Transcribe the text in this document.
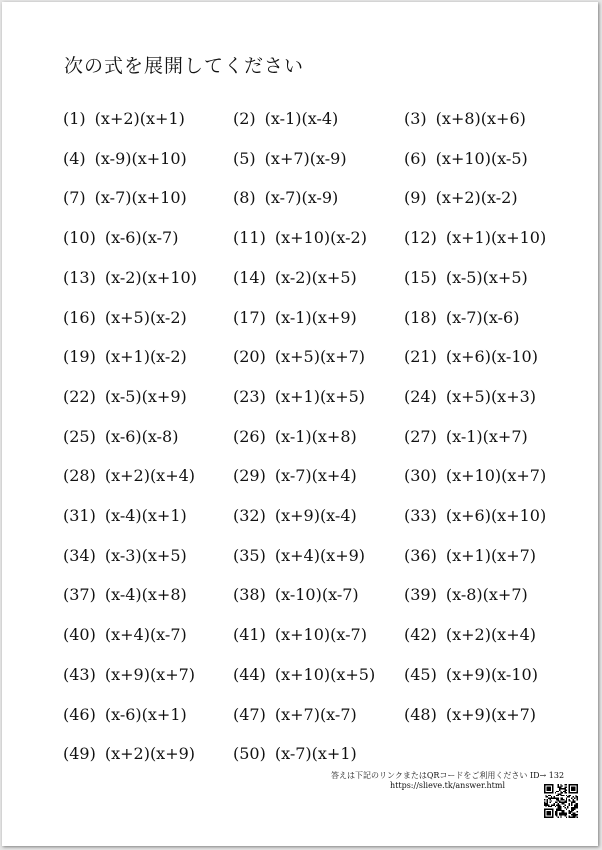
次の式を展開してください
(1) (x+2)(x+1)	(2) (x-1)(x-4)	(3) (x+8)(x+6)
(4) (x-9)(x+10)	(5) (x+7)(x-9)	(6) (x+10)(x-5)
(7) (x-7)(x+10)	(8) (x-7)(x-9)	(9) (x+2)(x-2)
(10) (x-6)(x-7)	(11) (x+10)(x-2) (12) (x+1)(x+10)
(13) (x-2)(x+10) (14) (x-2)(x+5)	(15) (x-5)(x+5)
(16) (x+5)(x-2)	(17) (x-1)(x+9)	(18) (x-7)(x-6)
(19) (x+1)(x-2)	(20) (x+5)(x+7) (21) (x+6)(x-10)
(22) (x-5)(x+9)	(23) (x+1)(x+5) (24) (x+5)(x+3)
(25) (x-6)(x-8)	(26) (x-1)(x+8)	(27) (x-1)(x+7)
(28) (x+2)(x+4) (29) (x-7)(x+4)	(30) (x+10)(x+7)
(31) (x-4)(x+1)	(32) (x+9)(x-4)	(33) (x+6)(x+10)
(34) (x-3)(x+5)	(35) (x+4)(x+9) (36) (x+1)(x+7)
(37) (x-4)(x+8)	(38) (x-10)(x-7)	(39) (x-8)(x+7)
(40) (x+4)(x-7)	(41) (x+10)(x-7) (42) (x+2)(x+4)
(43) (x+9)(x+7) (44) (x+10)(x+5) (45) (x+9)(x-10)
(46) (x-6)(x+1)	(47) (x+7)(x-7)	(48) (x+9)(x+7)
(49) (x+2)(x+9) (50) (x-7)(x+1)
答えは下記のリンクまたはQRコードをご利用ください ID→ 132
https://slieve.tk/answer.html
